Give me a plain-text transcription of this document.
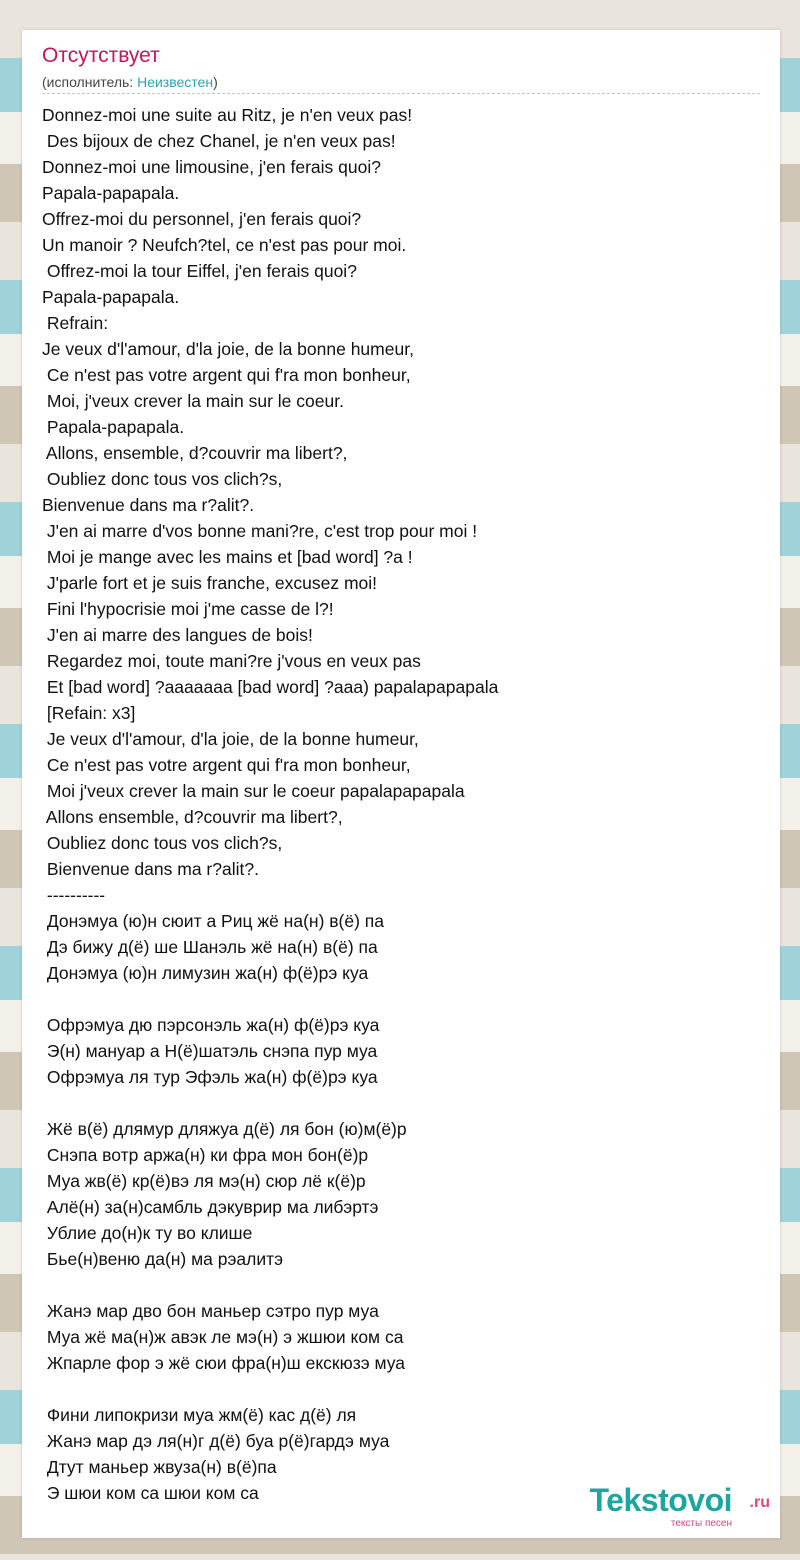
Отсутствует
(исполнитель: Неизвестен)
Donnez-moi une suite au Ritz, je n'en veux pas!
Des bijoux de chez Chanel, je n'en veux pas!
Donnez-moi une limousine, j'en ferais quoi?
Papala-papapala.
Offrez-moi du personnel, j'en ferais quoi?
Un manoir ? Neufch?tel, ce n'est pas pour moi.
Offrez-moi la tour Eiffel, j'en ferais quoi?
Papala-papapala.
Refrain:
Je veux d'l'amour, d'la joie, de la bonne humeur,
Ce n'est pas votre argent qui f'ra mon bonheur,
Moi, j'veux crever la main sur le coeur.
Papala-papapala.
Allons, ensemble, d?couvrir ma libert?,
Oubliez donc tous vos clich?s,
Bienvenue dans ma r?alit?.
J'en ai marre d'vos bonne mani?re, c'est trop pour moi !
Moi je mange avec les mains et [bad word] ?a !
J'parle fort et je suis franche, excusez moi!
Fini l'hypocrisie moi j'me casse de l?!
J'en ai marre des langues de bois!
Regardez moi, toute mani?re j'vous en veux pas
Et [bad word] ?aaaaaaa [bad word] ?aaa) papalapapapala
[Refain: x3]
Je veux d'l'amour, d'la joie, de la bonne humeur,
Ce n'est pas votre argent qui f'ra mon bonheur,
Moi j'veux crever la main sur le coeur papalapapapala
Allons ensemble, d?couvrir ma libert?,
Oubliez donc tous vos clich?s,
Bienvenue dans ma r?alit?.
----------
Донэмуа (ю)н сюит а Риц жё на(н) в(ё) па
Дэ бижу д(ё) ше Шанэль жё на(н) в(ё) па
Донэмуа (ю)н лимузин жа(н) ф(ё)рэ куа

Офрэмуа дю пэрсонэль жа(н) ф(ё)рэ куа
Э(н) мануар а Н(ё)шатэль снэпа пур муа
Офрэмуа ля тур Эфэль жа(н) ф(ё)рэ куа

Жё в(ё) длямур дляжуа д(ё) ля бон (ю)м(ё)р
Снэпа вотр аржа(н) ки фра мон бон(ё)р
Муа жв(ё) кр(ё)вэ ля мэ(н) сюр лё к(ё)р
Алё(н) за(н)самбль дэкуврир ма либэртэ
Ублие до(н)к ту во клише
Бье(н)веню да(н) ма рэалитэ

Жанэ мар дво бон маньер сэтро пур муа
Муа жё ма(н)ж авэк ле мэ(н) э жшюи ком са
Жпарле фор э жё сюи фра(н)ш екскюзэ муа

Фини липокризи муа жм(ё) кас д(ё) ля
Жанэ мар дэ ля(н)г д(ё) буа р(ё)гардэ муа
Дтут маньер жвуза(н) в(ё)па
Э шюи ком са шюи ком са	Tekstovoi .ru
тексты песен
